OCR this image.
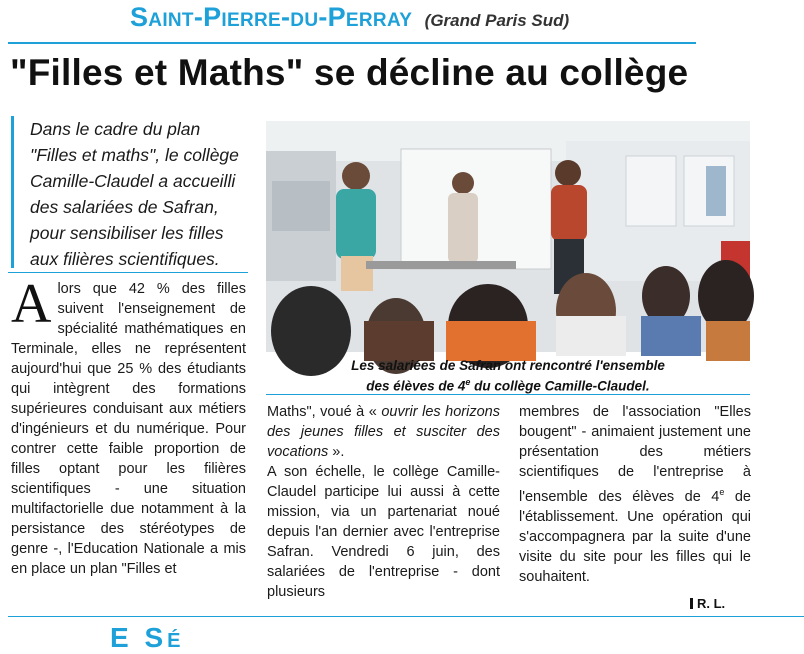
Saint-Pierre-du-Perray (Grand Paris Sud)
"Filles et Maths" se décline au collège
Dans le cadre du plan "Filles et maths", le collège Camille-Claudel a accueilli des salariées de Safran, pour sensibiliser les filles aux filières scientifiques.
Les salariées de Safran ont rencontré l'ensemble
des élèves de 4e du collège Camille-Claudel.
Alors que 42 % des filles suivent l'enseignement de spécialité mathématiques en Terminale, elles ne représentent aujourd'hui que 25 % des étudiants qui intègrent des formations supérieures conduisant aux métiers d'ingénieurs et du numérique. Pour contrer cette faible proportion de filles optant pour les filières scientifiques - une situation multifactorielle due notamment à la persistance des stéréotypes de genre -, l'Education Nationale a mis en place un plan "Filles et
Maths", voué à « ouvrir les horizons des jeunes filles et susciter des vocations ».
A son échelle, le collège Camille-Claudel participe lui aussi à cette mission, via un partenariat noué depuis l'an dernier avec l'entreprise Safran. Vendredi 6 juin, des salariées de l'entreprise - dont plusieurs
membres de l'association "Elles bougent" - animaient justement une présentation des métiers scientifiques de l'entreprise à l'ensemble des élèves de 4e de l'établissement. Une opération qui s'accompagnera par la suite d'une visite du site pour les filles qui le souhaitent.
R. L.
E Sé
